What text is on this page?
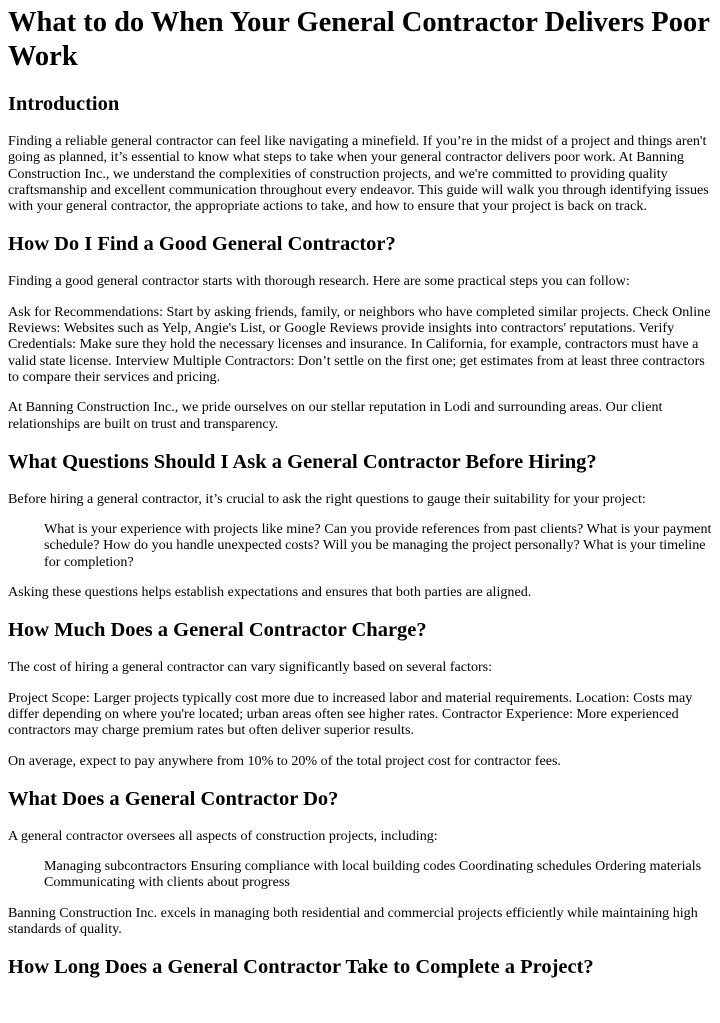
What to do When Your General Contractor Delivers Poor Work
Introduction

Finding a reliable general contractor can feel like navigating a minefield. If you’re in the midst of a project and things aren't going as planned, it’s essential to know what steps to take when your general contractor delivers poor work. At Banning Construction Inc., we understand the complexities of construction projects, and we're committed to providing quality craftsmanship and excellent communication throughout every endeavor. This guide will walk you through identifying issues with your general contractor, the appropriate actions to take, and how to ensure that your project is back on track.

How Do I Find a Good General Contractor?

Finding a good general contractor starts with thorough research. Here are some practical steps you can follow:

Ask for Recommendations: Start by asking friends, family, or neighbors who have completed similar projects. Check Online Reviews: Websites such as Yelp, Angie's List, or Google Reviews provide insights into contractors' reputations. Verify Credentials: Make sure they hold the necessary licenses and insurance. In California, for example, contractors must have a valid state license. Interview Multiple Contractors: Don’t settle on the first one; get estimates from at least three contractors to compare their services and pricing.

At Banning Construction Inc., we pride ourselves on our stellar reputation in Lodi and surrounding areas. Our client relationships are built on trust and transparency.

What Questions Should I Ask a General Contractor Before Hiring?

Before hiring a general contractor, it’s crucial to ask the right questions to gauge their suitability for your project:

What is your experience with projects like mine? Can you provide references from past clients? What is your payment schedule? How do you handle unexpected costs? Will you be managing the project personally? What is your timeline for completion?

Asking these questions helps establish expectations and ensures that both parties are aligned.

How Much Does a General Contractor Charge?

The cost of hiring a general contractor can vary significantly based on several factors:

Project Scope: Larger projects typically cost more due to increased labor and material requirements. Location: Costs may differ depending on where you're located; urban areas often see higher rates. Contractor Experience: More experienced contractors may charge premium rates but often deliver superior results.

On average, expect to pay anywhere from 10% to 20% of the total project cost for contractor fees.

What Does a General Contractor Do?

A general contractor oversees all aspects of construction projects, including:

Managing subcontractors Ensuring compliance with local building codes Coordinating schedules Ordering materials Communicating with clients about progress

Banning Construction Inc. excels in managing both residential and commercial projects efficiently while maintaining high standards of quality.

How Long Does a General Contractor Take to Complete a Project?
